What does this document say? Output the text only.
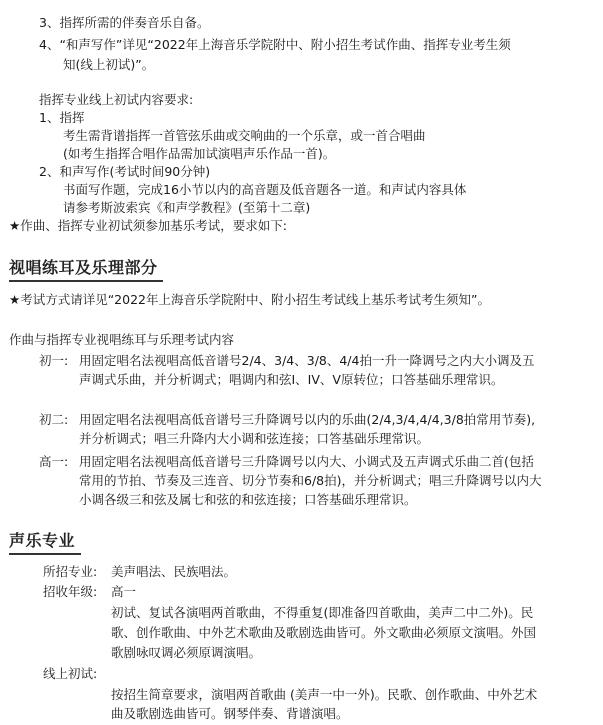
3、指挥所需的伴奏音乐自备。
4、“和声写作”详见“2022年上海音乐学院附中、附小招生考试作曲、指挥专业考生须
知(线上初试)”。
指挥专业线上初试内容要求:
1、指挥
考生需背谱指挥一首管弦乐曲或交响曲的一个乐章，或一首合唱曲
(如考生指挥合唱作品需加试演唱声乐作品一首)。
2、和声写作(考试时间90分钟)
书面写作题，完成16小节以内的高音题及低音题各一道。和声试内容具体
请参考斯波索宾《和声学教程》(至第十二章)
★作曲、指挥专业初试须参加基乐考试，要求如下:
视唱练耳及乐理部分
★考试方式请详见“2022年上海音乐学院附中、附小招生考试线上基乐考试考生须知”。
作曲与指挥专业视唱练耳与乐理考试内容
初一: 用固定唱名法视唱高低音谱号2/4、3/4、3/8、4/4拍一升一降调号之内大小调及五
声调式乐曲，并分析调式；唱调内和弦I、IV、V原转位；口答基础乐理常识。
初二: 用固定唱名法视唱高低音谱号三升降调号以内的乐曲(2/4,3/4,4/4,3/8拍常用节奏),
并分析调式；唱三升降内大小调和弦连接；口答基础乐理常识。
高一: 用固定唱名法视唱高低音谱号三升降调号以内大、小调式及五声调式乐曲二首(包括
常用的节拍、节奏及三连音、切分节奏和6/8拍)，并分析调式；唱三升降调号以内大
小调各级三和弦及属七和弦的和弦连接；口答基础乐理常识。
声乐专业
所招专业: 美声唱法、民族唱法。
招收年级: 高一
初试、复试各演唱两首歌曲，不得重复(即准备四首歌曲，美声二中二外)。民
歌、创作歌曲、中外艺术歌曲及歌剧选曲皆可。外文歌曲必须原文演唱。外国
歌剧咏叹调必须原调演唱。
线上初试:
按招生简章要求，演唱两首歌曲 (美声一中一外)。民歌、创作歌曲、中外艺术
曲及歌剧选曲皆可。钢琴伴奏、背谱演唱。
